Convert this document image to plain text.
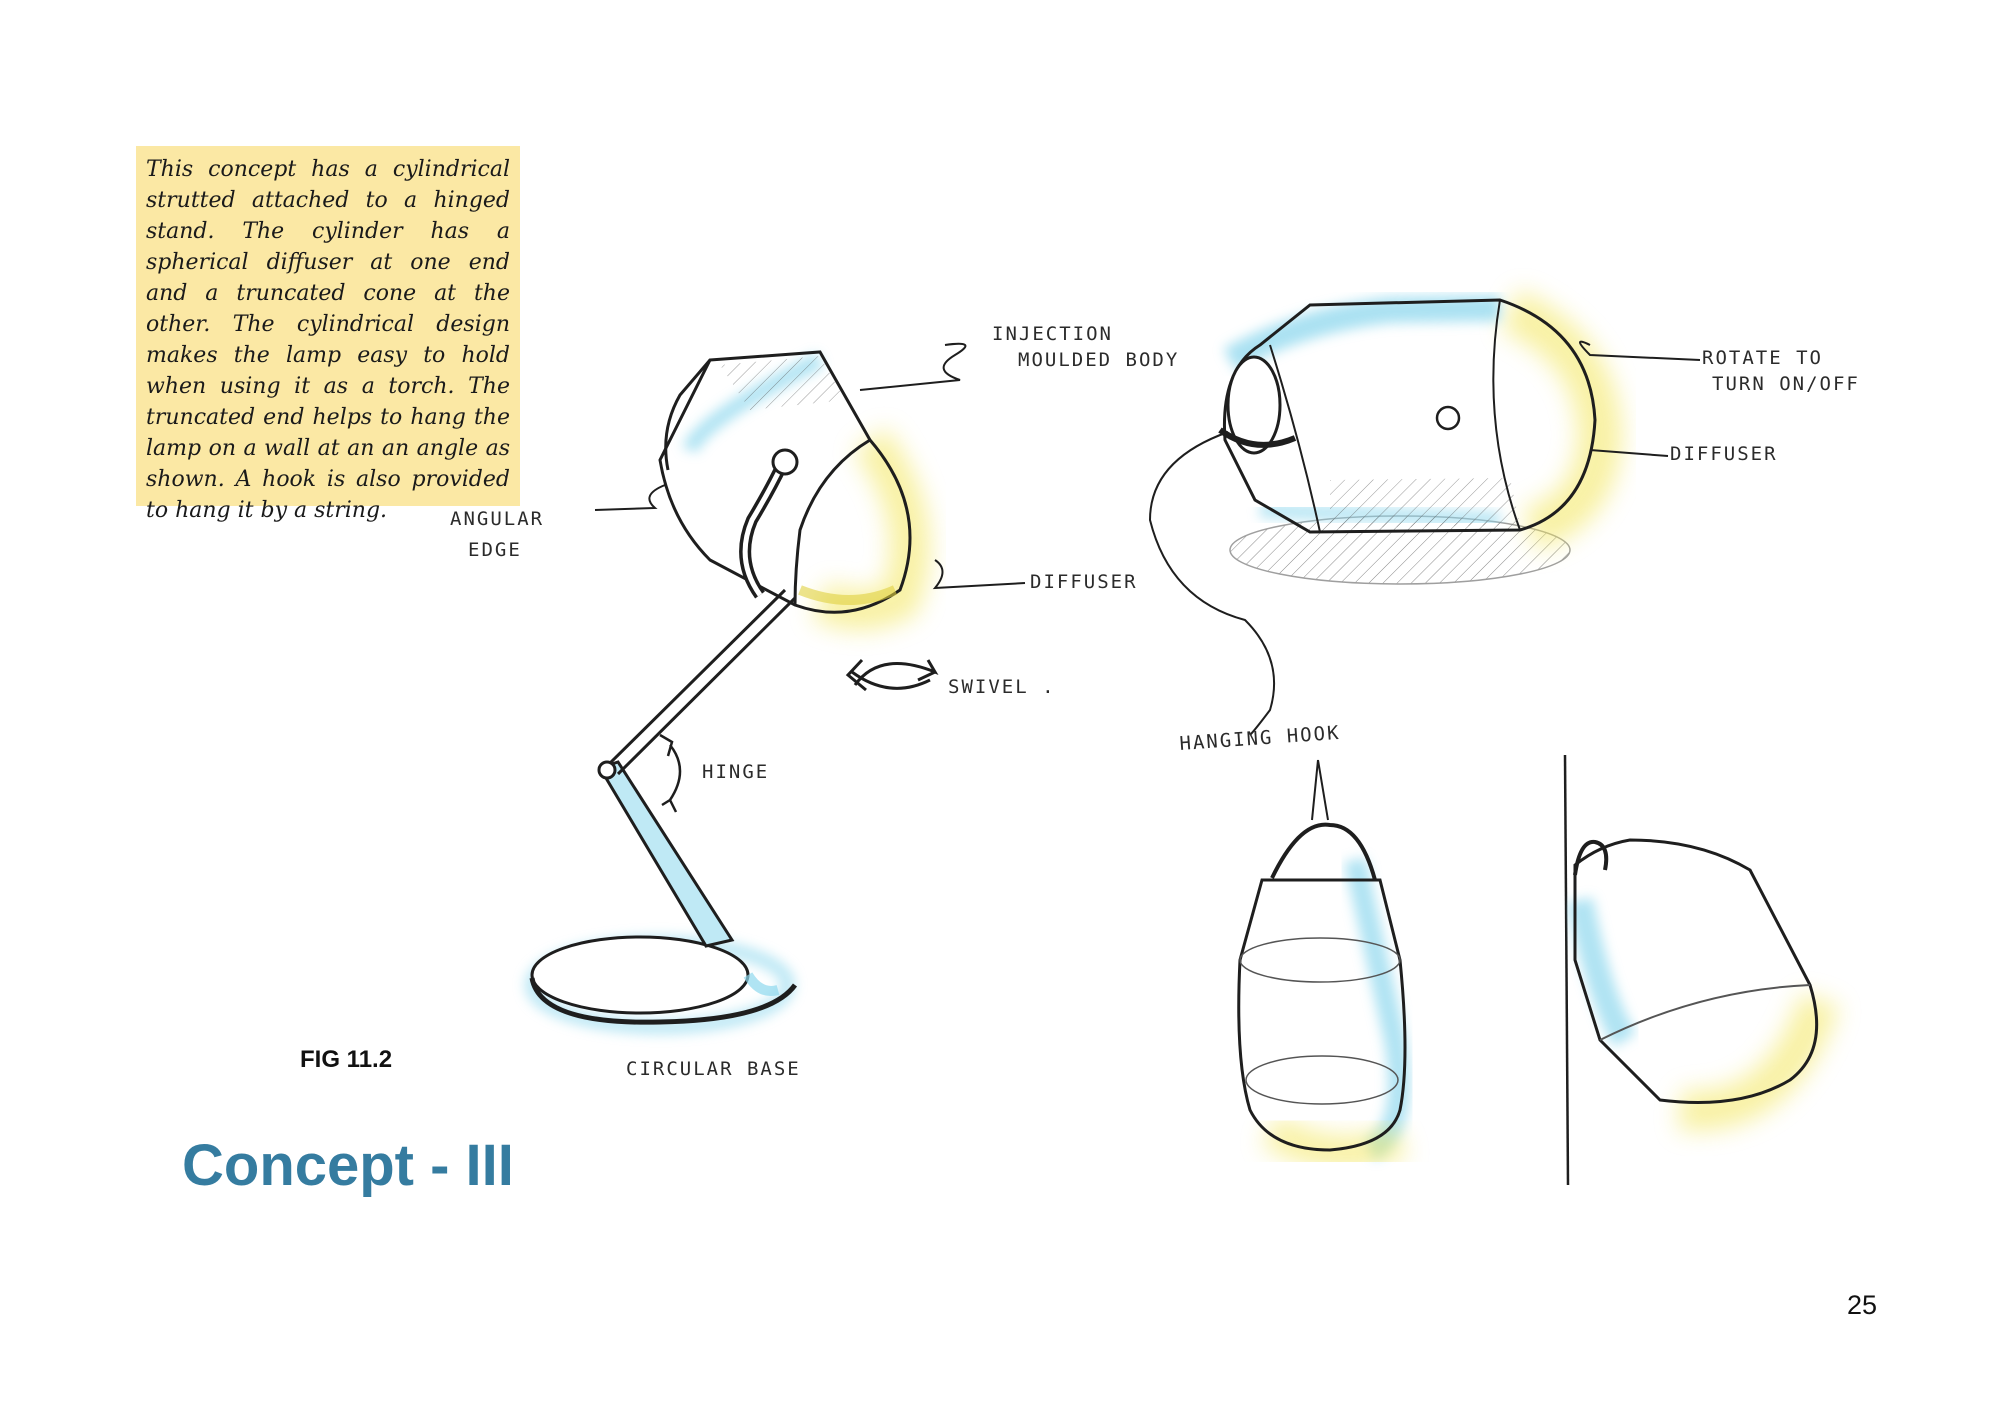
This concept has a cylindrical strutted attached to a hinged stand. The cylinder has a spherical diffuser at one end and a truncated cone at the other. The cylindrical design makes the lamp easy to hold when using it as a torch. The truncated end helps to hang the lamp on a wall at an an angle as shown. A hook is also provided to hang it by a string.
INJECTION
MOULDED BODY
ANGULAR
EDGE
DIFFUSER
SWIVEL .
HINGE
CIRCULAR BASE
ROTATE TO
TURN ON/OFF
DIFFUSER
HANGING HOOK
FIG 11.2
Concept - III
25
